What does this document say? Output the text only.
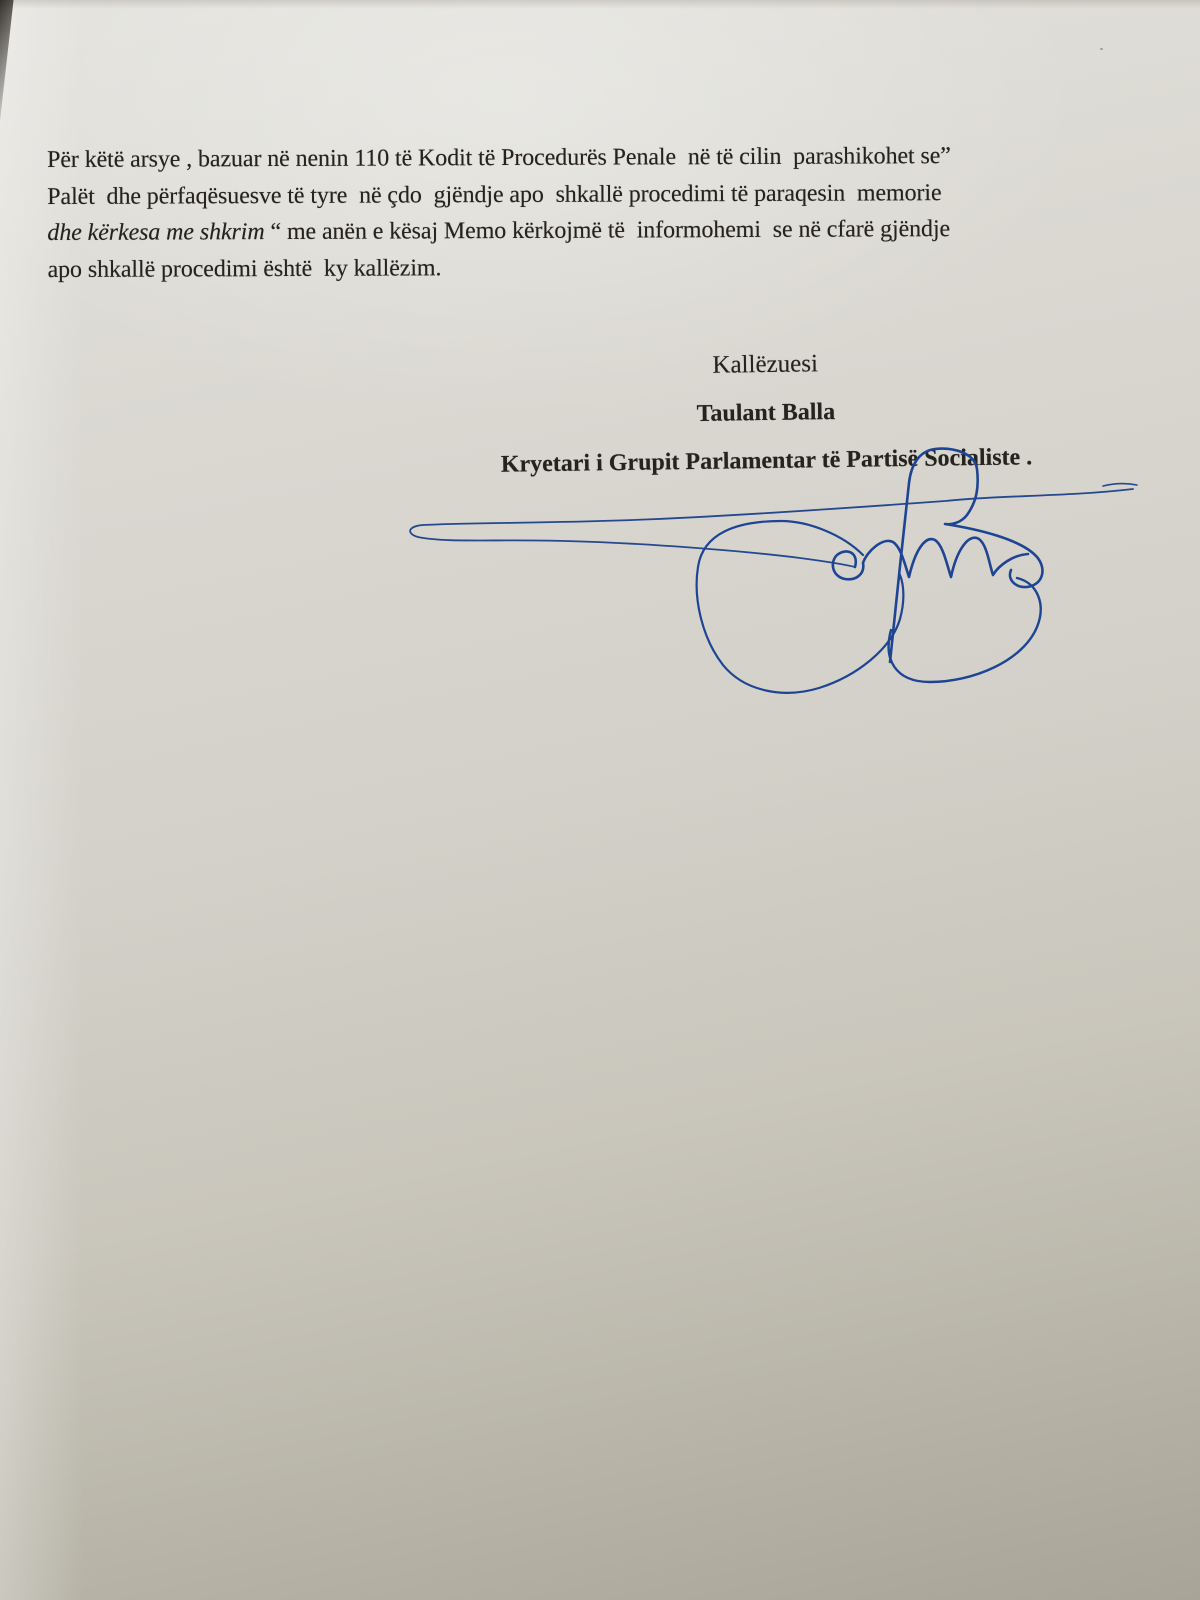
Për këtë arsye , bazuar në nenin 110 të Kodit të Procedurës Penale  në të cilin  parashikohet se”
Palët  dhe përfaqësuesve të tyre  në çdo  gjëndje apo  shkallë procedimi të paraqesin  memorie
dhe kërkesa me shkrim “ me anën e kësaj Memo kërkojmë të  informohemi  se në cfarë gjëndje
apo shkallë procedimi është  ky kallëzim.
Kallëzuesi
Taulant Balla
Kryetari i Grupit Parlamentar të Partisë Socialiste .
